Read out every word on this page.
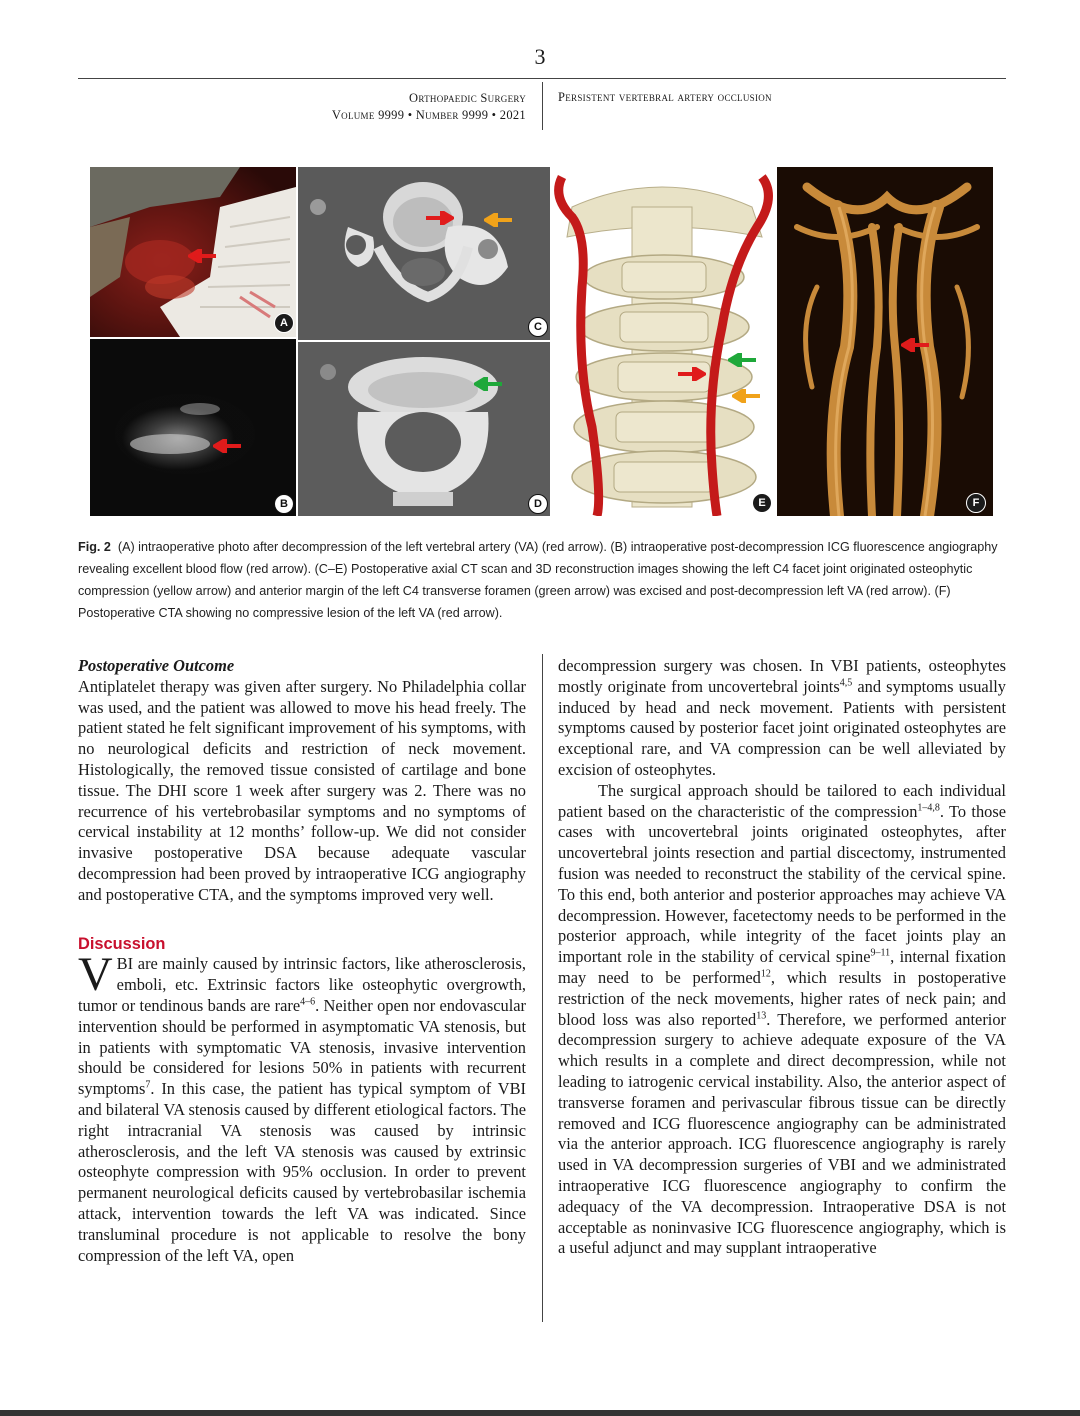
3
Orthopaedic Surgery
Volume 9999 • Number 9999 • 2021
Persistent vertebral artery occlusion
A
B
C
D	E	F
Fig. 2 (A) intraoperative photo after decompression of the left vertebral artery (VA) (red arrow). (B) intraoperative post-decompression ICG fluorescence angiography revealing excellent blood flow (red arrow). (C–E) Postoperative axial CT scan and 3D reconstruction images showing the left C4 facet joint originated osteophytic compression (yellow arrow) and anterior margin of the left C4 transverse foramen (green arrow) was excised and post-decompression left VA (red arrow). (F) Postoperative CTA showing no compressive lesion of the left VA (red arrow).
Postoperative Outcome

Antiplatelet therapy was given after surgery. No Philadelphia collar was used, and the patient was allowed to move his head freely. The patient stated he felt significant improvement of his symptoms, with no neurological deficits and restriction of neck movement. Histologically, the removed tissue consisted of cartilage and bone tissue. The DHI score 1 week after surgery was 2. There was no recurrence of his vertebrobasilar symptoms and no symptoms of cervical instability at 12 months’ follow-up. We did not consider invasive postoperative DSA because adequate vascular decompression had been proved by intraoperative ICG angiography and postoperative CTA, and the symptoms improved very well.

Discussion

VBI are mainly caused by intrinsic factors, like atherosclerosis, emboli, etc. Extrinsic factors like osteophytic overgrowth, tumor or tendinous bands are rare$^{4-6}$. Neither open nor endovascular intervention should be performed in asymptomatic VA stenosis, but in patients with symptomatic VA stenosis, invasive intervention should be considered for lesions 50% in patients with recurrent symptoms$^7$. In this case, the patient has typical symptom of VBI and bilateral VA stenosis caused by different etiological factors. The right intracranial VA stenosis was caused by intrinsic atherosclerosis, and the left VA stenosis was caused by extrinsic osteophyte compression with 95% occlusion. In order to prevent permanent neurological deficits caused by vertebrobasilar ischemia attack, intervention towards the left VA was indicated. Since transluminal procedure is not applicable to resolve the bony compression of the left VA, open

decompression surgery was chosen. In VBI patients, osteophytes mostly originate from uncovertebral joints$^{4,5}$ and symptoms usually induced by head and neck movement. Patients with persistent symptoms caused by posterior facet joint originated osteophytes are exceptional rare, and VA compression can be well alleviated by excision of osteophytes.

The surgical approach should be tailored to each individual patient based on the characteristic of the compression$^{1-4,8}$. To those cases with uncovertebral joints originated osteophytes, after uncovertebral joints resection and partial discectomy, instrumented fusion was needed to reconstruct the stability of the cervical spine. To this end, both anterior and posterior approaches may achieve VA decompression. However, facetectomy needs to be performed in the posterior approach, while integrity of the facet joints play an important role in the stability of cervical spine$^{9-11}$, internal fixation may need to be performed$^{12}$, which results in postoperative restriction of the neck movements, higher rates of neck pain; and blood loss was also reported$^{13}$. Therefore, we performed anterior decompression surgery to achieve adequate exposure of the VA which results in a complete and direct decompression, while not leading to iatrogenic cervical instability. Also, the anterior aspect of transverse foramen and perivascular fibrous tissue can be directly removed and ICG fluorescence angiography can be administrated via the anterior approach. ICG fluorescence angiography is rarely used in VA decompression surgeries of VBI and we administrated intraoperative ICG fluorescence angiography to confirm the adequacy of the VA decompression. Intraoperative DSA is not acceptable as noninvasive ICG fluorescence angiography, which is a useful adjunct and may supplant intraoperative
